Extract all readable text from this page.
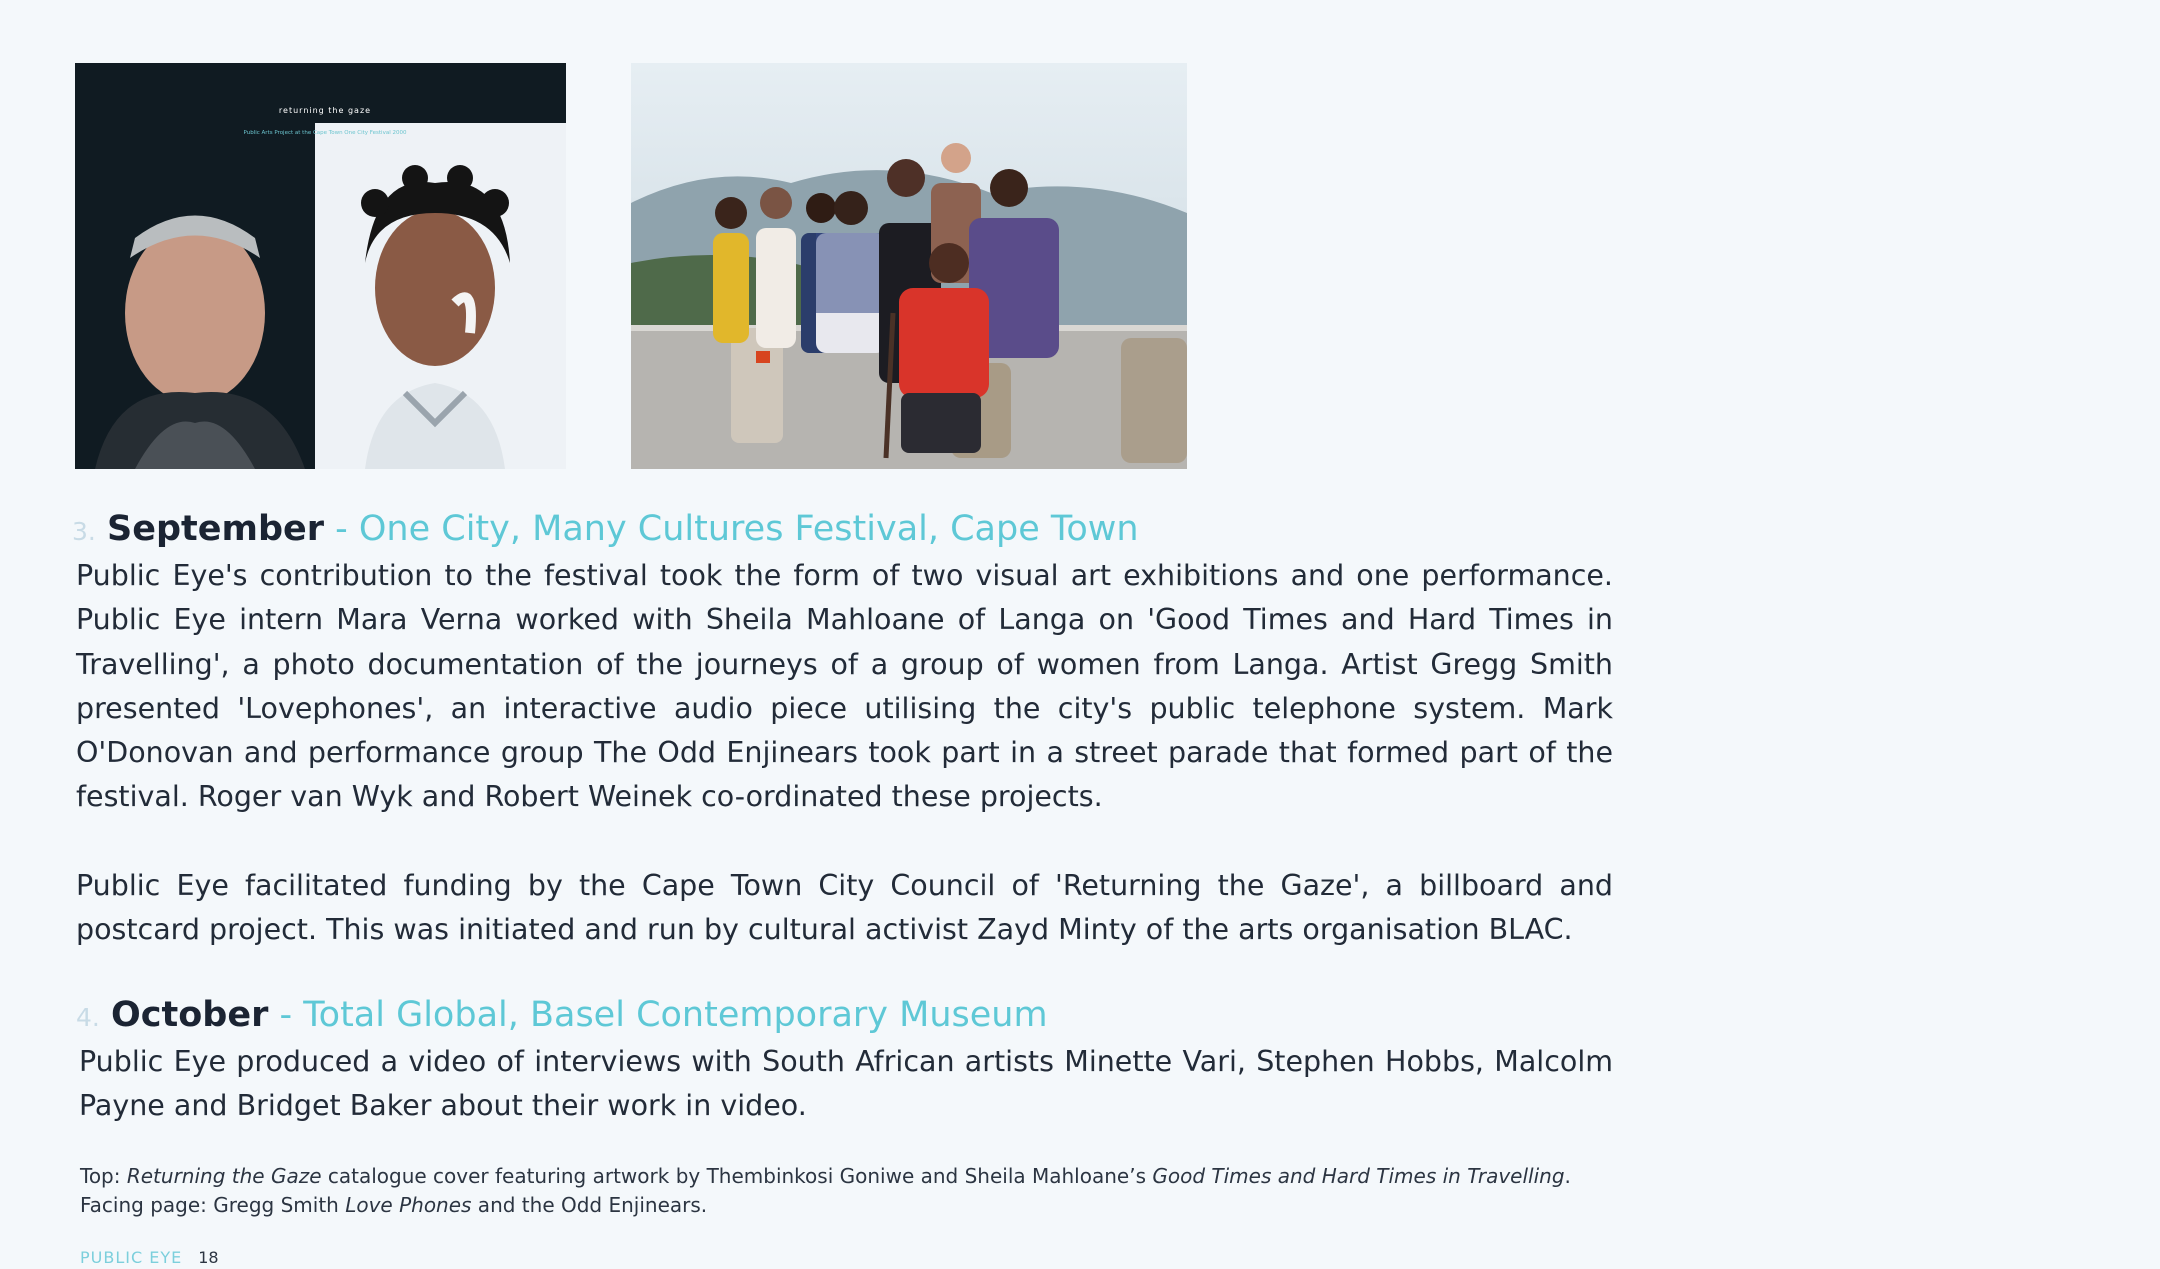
returning the gaze
Public Arts Project at the Cape Town One City Festival 2000
3. September - One City, Many Cultures Festival, Cape Town

Public Eye's contribution to the festival took the form of two visual art exhibitions and one performance. Public Eye intern Mara Verna worked with Sheila Mahloane of Langa on 'Good Times and Hard Times in Travelling', a photo documentation of the journeys of a group of women from Langa. Artist Gregg Smith presented 'Lovephones', an interactive audio piece utilising the city's public telephone system. Mark O'Donovan and performance group The Odd Enjinears took part in a street parade that formed part of the festival. Roger van Wyk and Robert Weinek co-ordinated these projects.

Public Eye facilitated funding by the Cape Town City Council of 'Returning the Gaze', a billboard and postcard project. This was initiated and run by cultural activist Zayd Minty of the arts organisation BLAC.

4. October - Total Global, Basel Contemporary Museum

Public Eye produced a video of interviews with South African artists Minette Vari, Stephen Hobbs, Malcolm Payne and Bridget Baker about their work in video.

Top: Returning the Gaze catalogue cover featuring artwork by Thembinkosi Goniwe and Sheila Mahloane’s Good Times and Hard Times in Travelling.
Facing page: Gregg Smith Love Phones and the Odd Enjinears.
PUBLIC EYE 18
